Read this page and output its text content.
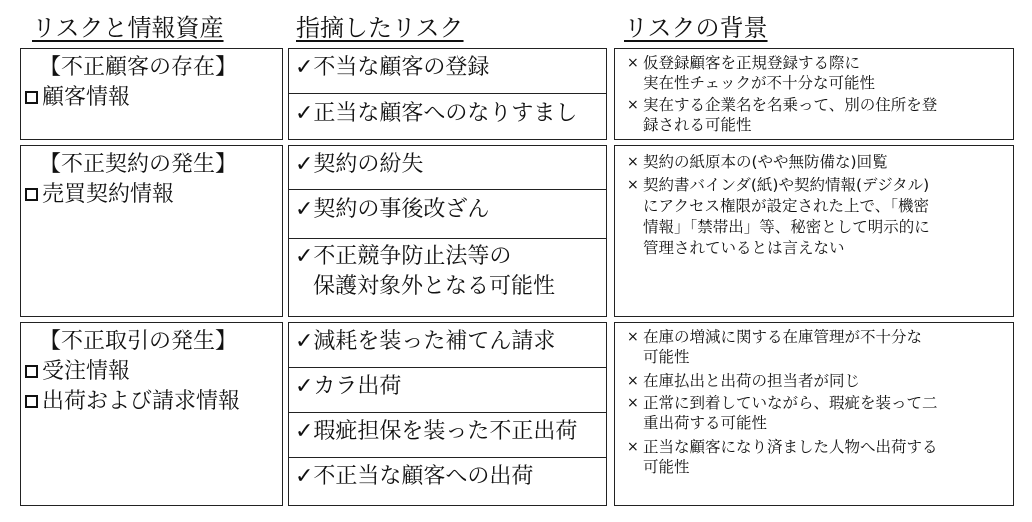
リスクと情報資産	指摘したリスク	リスクの背景
【不正顧客の存在】
顧客情報
✓不当な顧客の登録
✓正当な顧客へのなりすまし
× 仮登録顧客を正規登録する際に
実在性チェックが不十分な可能性
× 実在する企業名を名乗って、別の住所を登
録される可能性
【不正契約の発生】
売買契約情報
✓契約の紛失
✓契約の事後改ざん
✓不正競争防止法等の
保護対象外となる可能性
× 契約の紙原本の(やや無防備な)回覧
× 契約書バインダ(紙)や契約情報(デジタル)
にアクセス権限が設定された上で、「機密
情報」「禁帯出」等、秘密として明示的に
管理されているとは言えない
【不正取引の発生】
受注情報
出荷および請求情報
✓減耗を装った補てん請求
✓カラ出荷
✓瑕疵担保を装った不正出荷
✓不正当な顧客への出荷
× 在庫の増減に関する在庫管理が不十分な
可能性
× 在庫払出と出荷の担当者が同じ
× 正常に到着していながら、瑕疵を装って二
重出荷する可能性
× 正当な顧客になり済ました人物へ出荷する
可能性
